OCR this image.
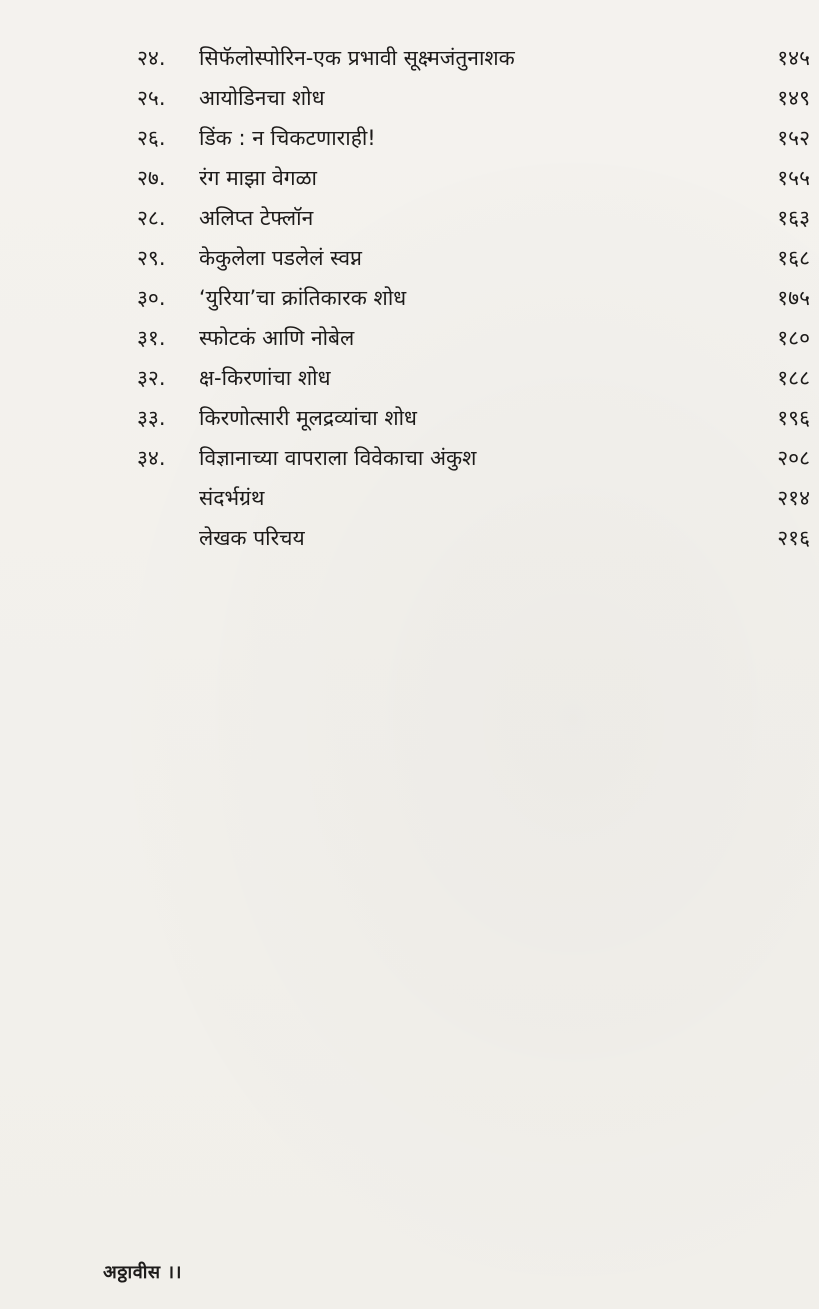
२४.	सिफॅलोस्पोरिन-एक प्रभावी सूक्ष्मजंतुनाशक	१४५
२५.	आयोडिनचा शोध	१४९
२६.	डिंक : न चिकटणाराही!	१५२
२७.	रंग माझा वेगळा	१५५
२८.	अलिप्त टेफ्लॉन	१६३
२९.	केकुलेला पडलेलं स्वप्न	१६८
३०.	‘युरिया’चा क्रांतिकारक शोध	१७५
३१.	स्फोटकं आणि नोबेल	१८०
३२.	क्ष-किरणांचा शोध	१८८
३३.	किरणोत्सारी मूलद्रव्यांचा शोध	१९६
३४.	विज्ञानाच्या वापराला विवेकाचा अंकुश	२०८
संदर्भग्रंथ	२१४
लेखक परिचय	२१६
अठ्ठावीस ।।
